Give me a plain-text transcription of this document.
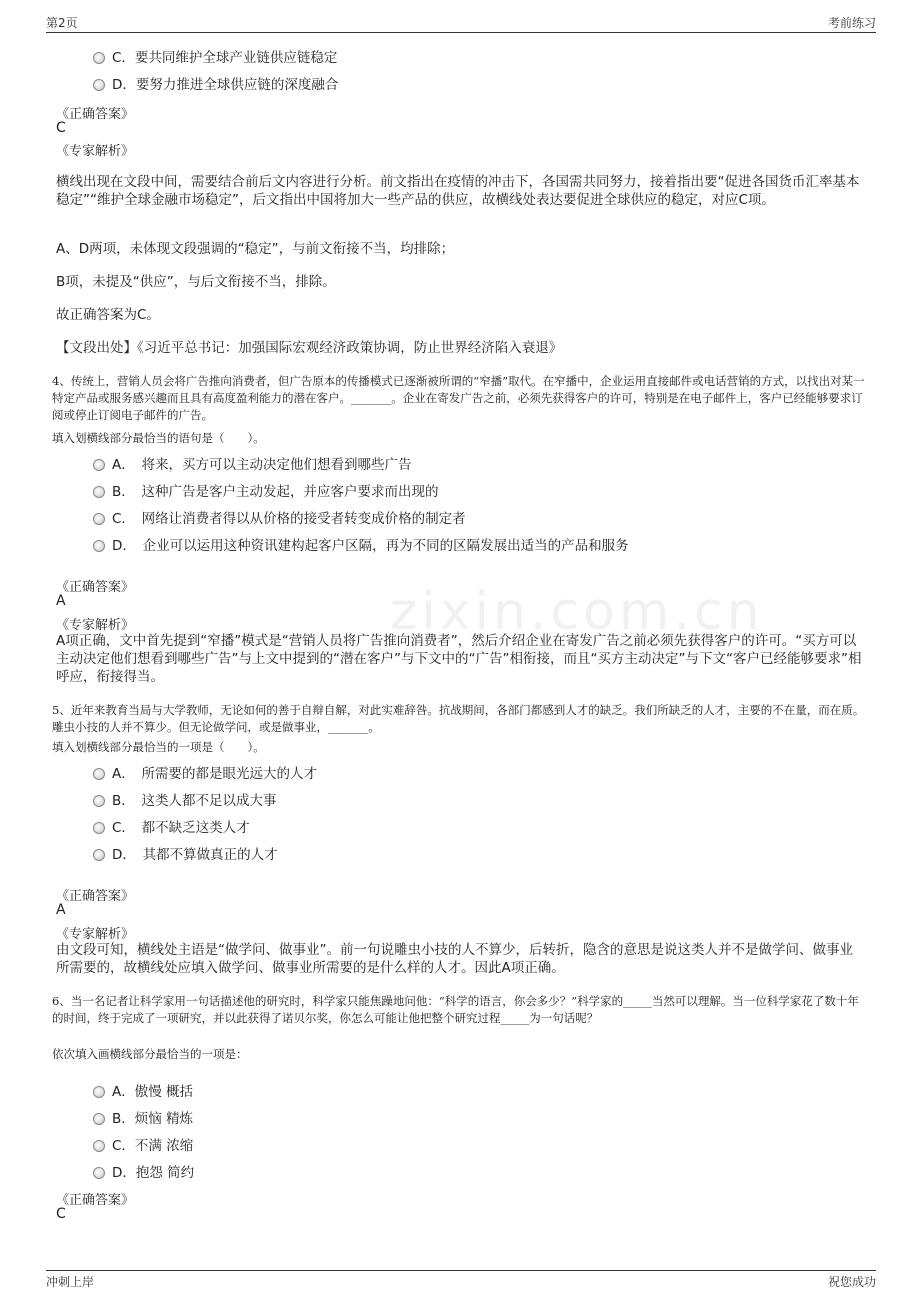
第2页	考前练习
zixin.com.cn
C．要共同维护全球产业链供应链稳定
D．要努力推进全球供应链的深度融合
《正确答案》
C
《专家解析》
横线出现在文段中间，需要结合前后文内容进行分析。前文指出在疫情的冲击下，各国需共同努力，接着指出要“促进各国货币汇率基本稳定”“维护全球金融市场稳定”，后文指出中国将加大一些产品的供应，故横线处表达要促进全球供应的稳定，对应C项。
A、D两项，未体现文段强调的“稳定”，与前文衔接不当，均排除；
B项，未提及“供应”，与后文衔接不当，排除。
故正确答案为C。
【文段出处】《习近平总书记：加强国际宏观经济政策协调，防止世界经济陷入衰退》
4、传统上，营销人员会将广告推向消费者，但广告原本的传播模式已逐渐被所谓的“窄播”取代。在窄播中，企业运用直接邮件或电话营销的方式，以找出对某一特定产品或服务感兴趣而且具有高度盈利能力的潜在客户。_______。企业在寄发广告之前，必须先获得客户的许可，特别是在电子邮件上，客户已经能够要求订阅或停止订阅电子邮件的广告。
填入划横线部分最恰当的语句是（　　）。
A．　将来，买方可以主动决定他们想看到哪些广告
B．　这种广告是客户主动发起，并应客户要求而出现的
C．　网络让消费者得以从价格的接受者转变成价格的制定者
D．　企业可以运用这种资讯建构起客户区隔，再为不同的区隔发展出适当的产品和服务
《正确答案》
A
《专家解析》
A项正确，文中首先提到“窄播”模式是“营销人员将广告推向消费者”，然后介绍企业在寄发广告之前必须先获得客户的许可。“买方可以主动决定他们想看到哪些广告”与上文中提到的“潜在客户”与下文中的“广告”相衔接，而且“买方主动决定”与下文“客户已经能够要求”相呼应，衔接得当。
5、近年来教育当局与大学教师，无论如何的善于自辩自解，对此实难辞咎。抗战期间，各部门都感到人才的缺乏。我们所缺乏的人才，主要的不在量，而在质。雕虫小技的人并不算少。但无论做学问，或是做事业，_______。
填入划横线部分最恰当的一项是（　　）。
A．　所需要的都是眼光远大的人才
B．　这类人都不足以成大事
C．　都不缺乏这类人才
D．　其都不算做真正的人才
《正确答案》
A
《专家解析》
由文段可知，横线处主语是“做学问、做事业”。前一句说雕虫小技的人不算少，后转折，隐含的意思是说这类人并不是做学问、做事业所需要的，故横线处应填入做学问、做事业所需要的是什么样的人才。因此A项正确。
6、当一名记者让科学家用一句话描述他的研究时，科学家只能焦躁地问他：“科学的语言，你会多少？”科学家的_____当然可以理解。当一位科学家花了数十年的时间，终于完成了一项研究，并以此获得了诺贝尔奖，你怎么可能让他把整个研究过程_____为一句话呢？
依次填入画横线部分最恰当的一项是：
A．傲慢 概括
B．烦恼 精炼
C．不满 浓缩
D．抱怨 简约
《正确答案》
C
冲刺上岸	祝您成功
